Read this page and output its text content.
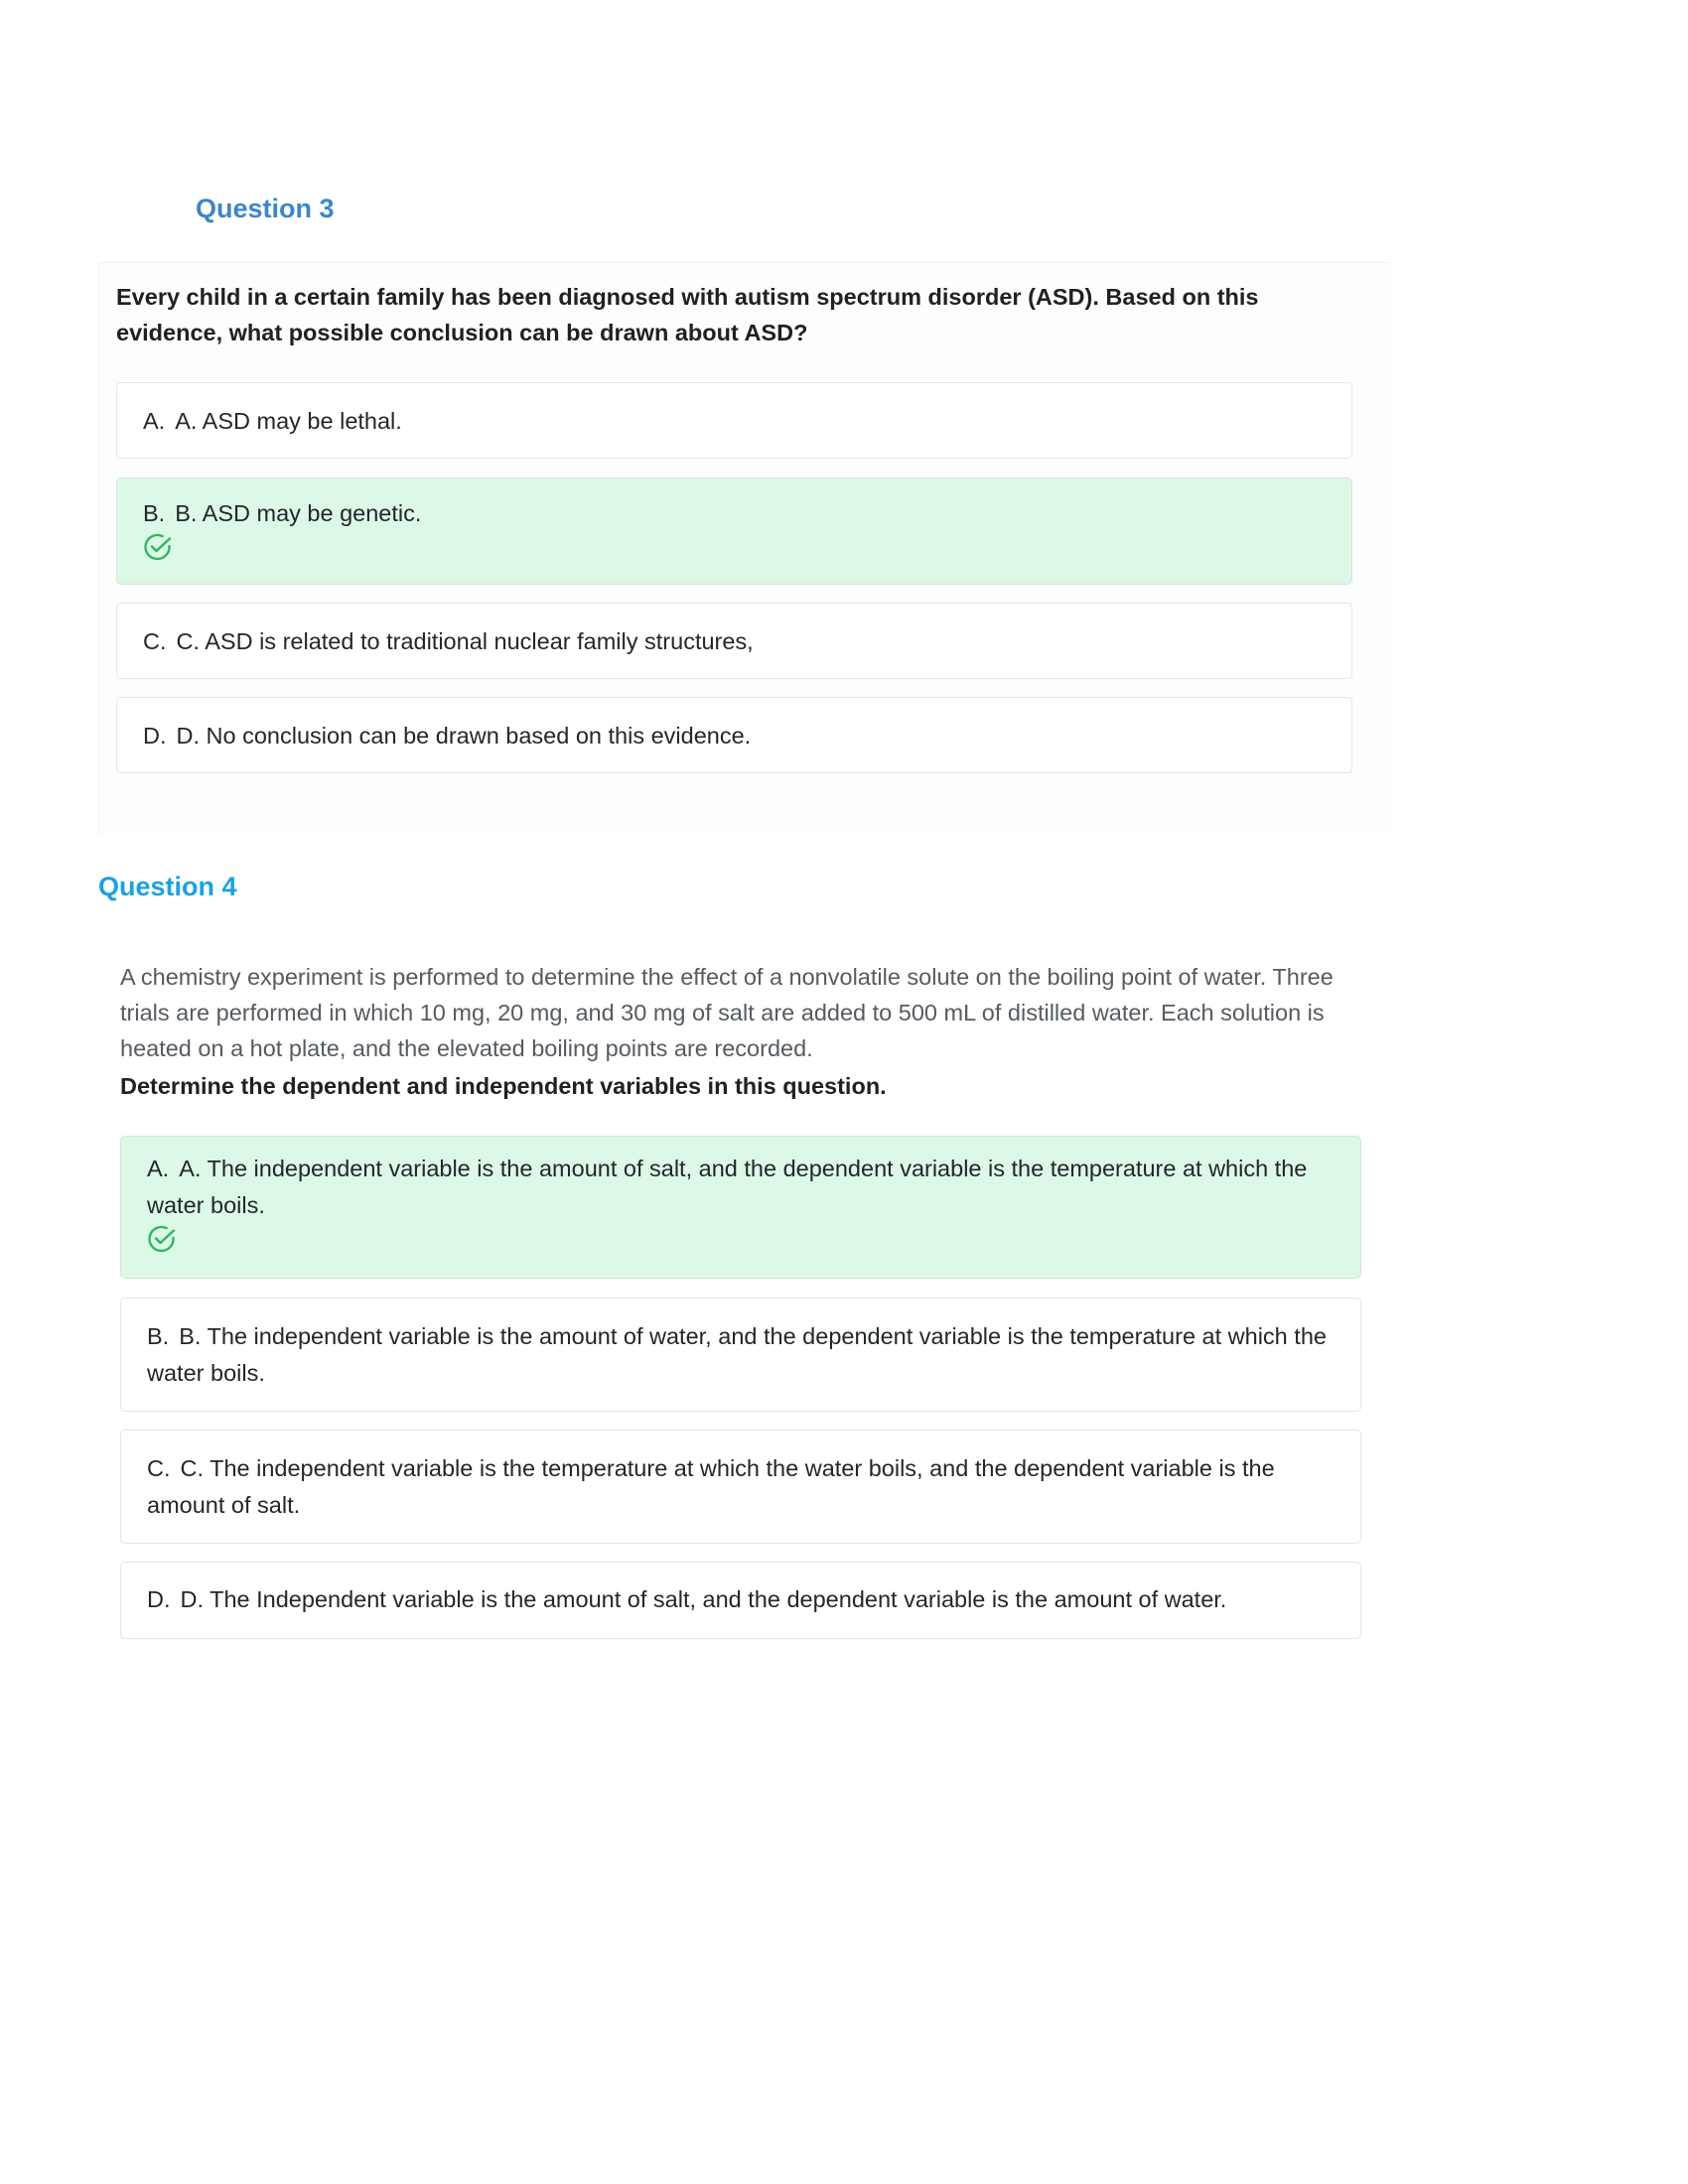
Question 3

Every child in a certain family has been diagnosed with autism spectrum disorder (ASD). Based on this evidence, what possible conclusion can be drawn about ASD?

A. A. ASD may be lethal.
B. B. ASD may be genetic.
C. C. ASD is related to traditional nuclear family structures,
D. D. No conclusion can be drawn based on this evidence.
Question 4

A chemistry experiment is performed to determine the effect of a nonvolatile solute on the boiling point of water. Three trials are performed in which 10 mg, 20 mg, and 30 mg of salt are added to 500 mL of distilled water. Each solution is heated on a hot plate, and the elevated boiling points are recorded.

Determine the dependent and independent variables in this question.

A. A. The independent variable is the amount of salt, and the dependent variable is the temperature at which the water boils.
B. B. The independent variable is the amount of water, and the dependent variable is the temperature at which the water boils.
C. C. The independent variable is the temperature at which the water boils, and the dependent variable is the amount of salt.
D. D. The Independent variable is the amount of salt, and the dependent variable is the amount of water.
